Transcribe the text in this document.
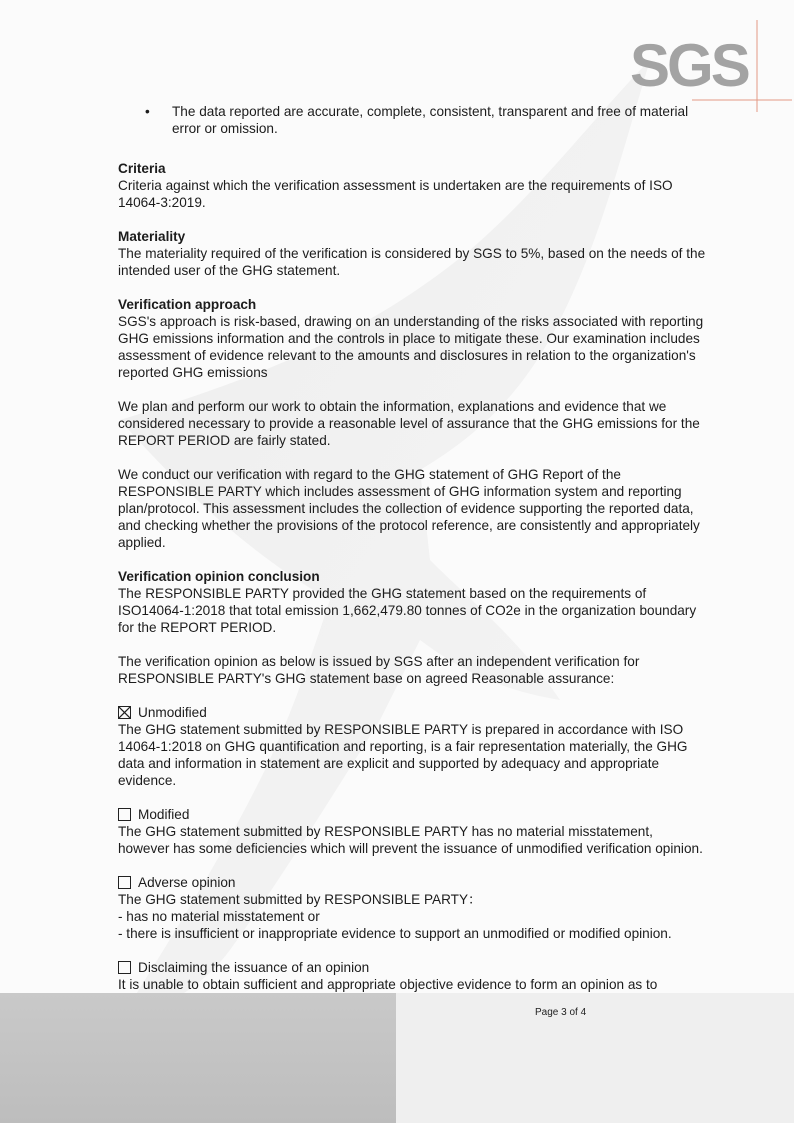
SGS
• The data reported are accurate, complete, consistent, transparent and free of material error or omission.
Criteria

Criteria against which the verification assessment is undertaken are the requirements of ISO 14064-3:2019.

Materiality

The materiality required of the verification is considered by SGS to 5%, based on the needs of the intended user of the GHG statement.

Verification approach

SGS's approach is risk-based, drawing on an understanding of the risks associated with reporting GHG emissions information and the controls in place to mitigate these. Our examination includes assessment of evidence relevant to the amounts and disclosures in relation to the organization's reported GHG emissions

We plan and perform our work to obtain the information, explanations and evidence that we considered necessary to provide a reasonable level of assurance that the GHG emissions for the REPORT PERIOD are fairly stated.

We conduct our verification with regard to the GHG statement of GHG Report of the RESPONSIBLE PARTY which includes assessment of GHG information system and reporting plan/protocol. This assessment includes the collection of evidence supporting the reported data, and checking whether the provisions of the protocol reference, are consistently and appropriately applied.

Verification opinion conclusion

The RESPONSIBLE PARTY provided the GHG statement based on the requirements of ISO14064-1:2018 that total emission 1,662,479.80 tonnes of CO2e in the organization boundary for the REPORT PERIOD.

The verification opinion as below is issued by SGS after an independent verification for RESPONSIBLE PARTY's GHG statement base on agreed Reasonable assurance:

Unmodified

The GHG statement submitted by RESPONSIBLE PARTY is prepared in accordance with ISO 14064-1:2018 on GHG quantification and reporting, is a fair representation materially, the GHG data and information in statement are explicit and supported by adequacy and appropriate evidence.

Modified

The GHG statement submitted by RESPONSIBLE PARTY has no material misstatement, however has some deficiencies which will prevent the issuance of unmodified verification opinion.

Adverse opinion
The GHG statement submitted by RESPONSIBLE PARTY：
- has no material misstatement or

- there is insufficient or inappropriate evidence to support an unmodified or modified opinion.

Disclaiming the issuance of an opinion
It is unable to obtain sufficient and appropriate objective evidence to form an opinion as to
Page 3 of 4
